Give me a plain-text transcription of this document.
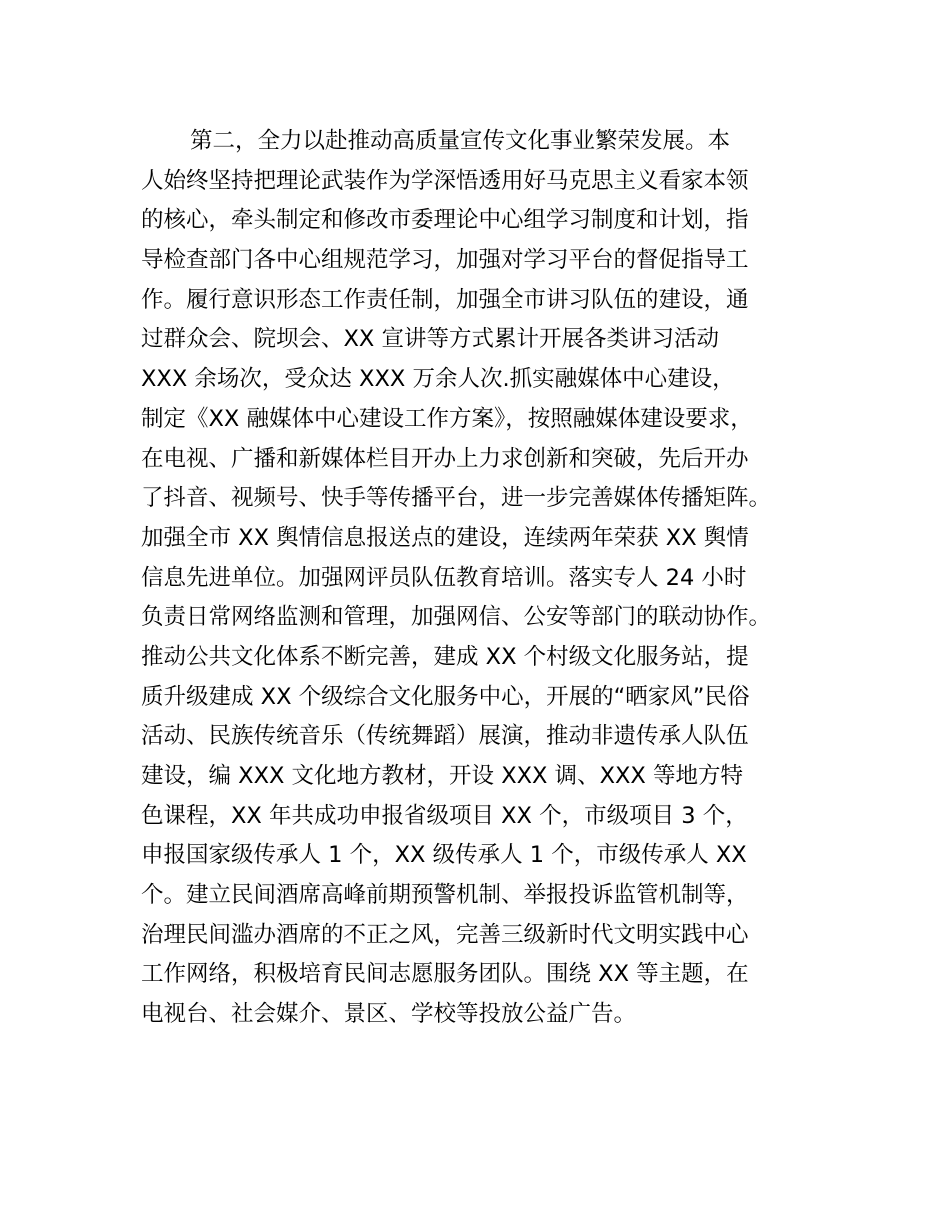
第二，全力以赴推动高质量宣传文化事业繁荣发展。本
人始终坚持把理论武装作为学深悟透用好马克思主义看家本领
的核心，牵头制定和修改市委理论中心组学习制度和计划，指
导检查部门各中心组规范学习，加强对学习平台的督促指导工
作。履行意识形态工作责任制，加强全市讲习队伍的建设，通
过群众会、院坝会、XX 宣讲等方式累计开展各类讲习活动
XXX 余场次，受众达 XXX 万余人次.抓实融媒体中心建设，
制定《XX 融媒体中心建设工作方案》，按照融媒体建设要求，
在电视、广播和新媒体栏目开办上力求创新和突破，先后开办
了抖音、视频号、快手等传播平台，进一步完善媒体传播矩阵。
加强全市 XX 舆情信息报送点的建设，连续两年荣获 XX 舆情
信息先进单位。加强网评员队伍教育培训。落实专人 24 小时
负责日常网络监测和管理，加强网信、公安等部门的联动协作。
推动公共文化体系不断完善，建成 XX 个村级文化服务站，提
质升级建成 XX 个级综合文化服务中心，开展的“晒家风”民俗
活动、民族传统音乐（传统舞蹈）展演，推动非遗传承人队伍
建设，编 XXX 文化地方教材，开设 XXX 调、XXX 等地方特
色课程，XX 年共成功申报省级项目 XX 个，市级项目 3 个，
申报国家级传承人 1 个，XX 级传承人 1 个，市级传承人 XX
个。建立民间酒席高峰前期预警机制、举报投诉监管机制等，
治理民间滥办酒席的不正之风，完善三级新时代文明实践中心
工作网络，积极培育民间志愿服务团队。围绕 XX 等主题，在
电视台、社会媒介、景区、学校等投放公益广告。
